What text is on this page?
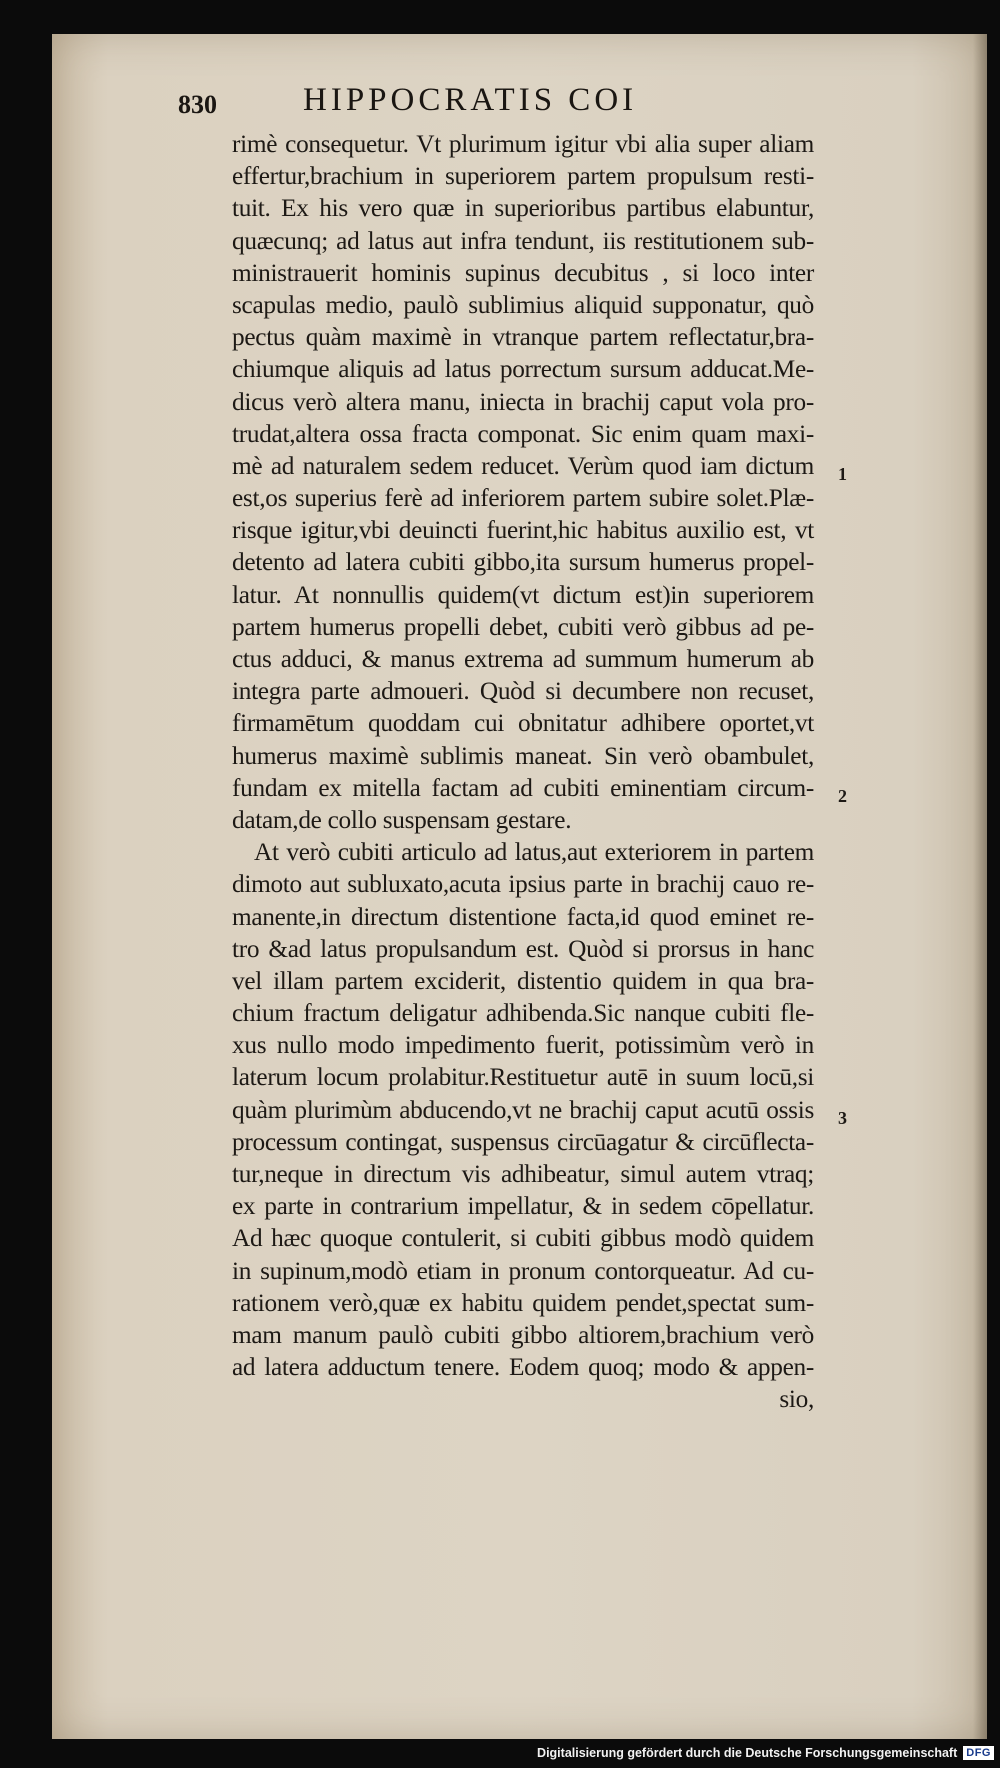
830	HIPPOCRATIS COI
rimè consequetur. Vt plurimum igitur vbi alia super aliam
effertur,brachium in superiorem partem propulsum resti-
tuit. Ex his vero quæ in superioribus partibus elabuntur,
quæcunq; ad latus aut infra tendunt, iis restitutionem sub-
ministrauerit hominis supinus decubitus , si loco inter
scapulas medio, paulò sublimius aliquid supponatur, quò
pectus quàm maximè in vtranque partem reflectatur,bra-
chiumque aliquis ad latus porrectum sursum adducat.Me-
dicus verò altera manu, iniecta in brachij caput vola pro-
trudat,altera ossa fracta componat. Sic enim quam maxi-
mè ad naturalem sedem reducet. Verùm quod iam dictum
est,os superius ferè ad inferiorem partem subire solet.Plæ-
risque igitur,vbi deuincti fuerint,hic habitus auxilio est, vt
detento ad latera cubiti gibbo,ita sursum humerus propel-
latur. At nonnullis quidem(vt dictum est)in superiorem
partem humerus propelli debet, cubiti verò gibbus ad pe-
ctus adduci, & manus extrema ad summum humerum ab
integra parte admoueri. Quòd si decumbere non recuset,
firmamētum quoddam cui obnitatur adhibere oportet,vt
humerus maximè sublimis maneat. Sin verò obambulet,
fundam ex mitella factam ad cubiti eminentiam circum-
datam,de collo suspensam gestare.
At verò cubiti articulo ad latus,aut exteriorem in partem
dimoto aut subluxato,acuta ipsius parte in brachij cauo re-
manente,in directum distentione facta,id quod eminet re-
tro &ad latus propulsandum est. Quòd si prorsus in hanc
vel illam partem exciderit, distentio quidem in qua bra-
chium fractum deligatur adhibenda.Sic nanque cubiti fle-
xus nullo modo impedimento fuerit, potissimùm verò in
laterum locum prolabitur.Restituetur autē in suum locū,si
quàm plurimùm abducendo,vt ne brachij caput acutū ossis
processum contingat, suspensus circūagatur & circūflecta-
tur,neque in directum vis adhibeatur, simul autem vtraq;
ex parte in contrarium impellatur, & in sedem cōpellatur.
Ad hæc quoque contulerit, si cubiti gibbus modò quidem
in supinum,modò etiam in pronum contorqueatur. Ad cu-
rationem verò,quæ ex habitu quidem pendet,spectat sum-
mam manum paulò cubiti gibbo altiorem,brachium verò
ad latera adductum tenere. Eodem quoq; modo & appen-
sio,
1
2
3
Digitalisierung gefördert durch die Deutsche Forschungsgemeinschaft DFG
